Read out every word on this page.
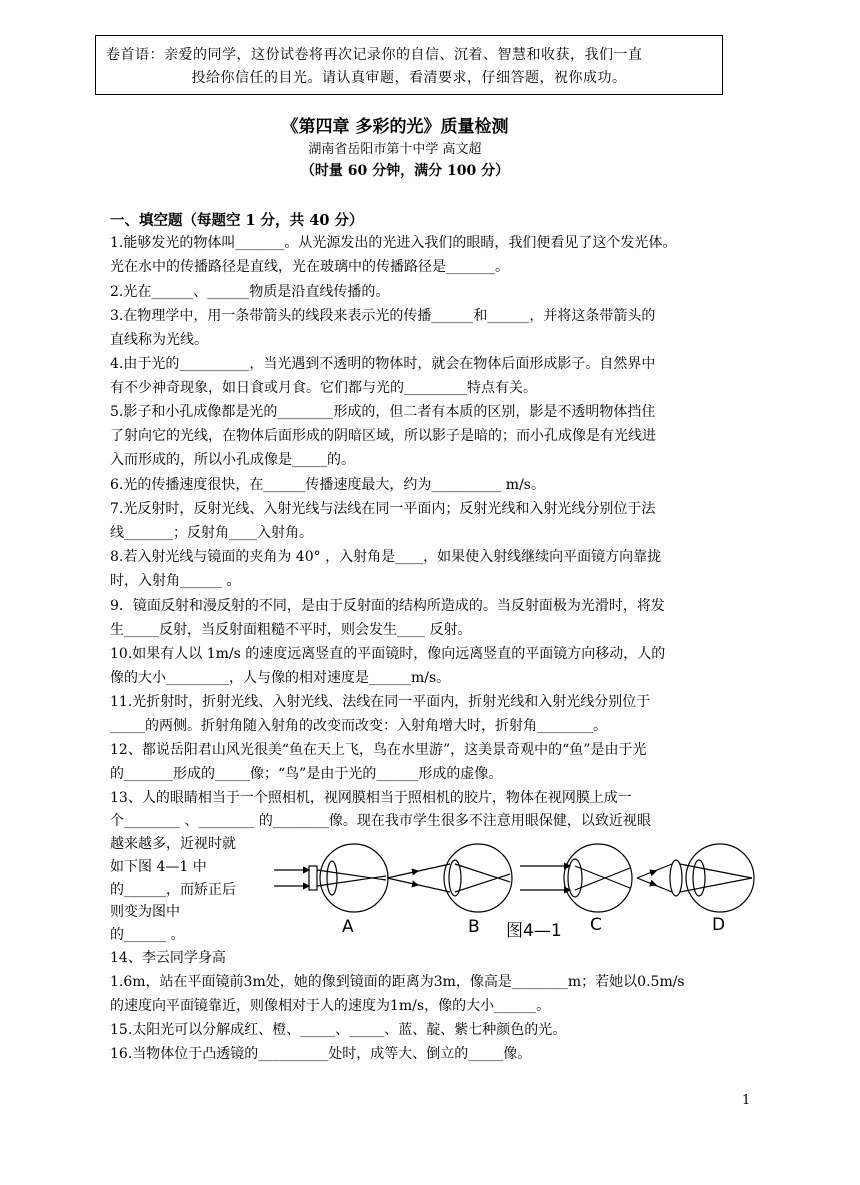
卷首语：亲爱的同学，这份试卷将再次记录你的自信、沉着、智慧和收获，我们一直

投给你信任的目光。请认真审题，看清要求，仔细答题，祝你成功。

《第四章 多彩的光》质量检测
湖南省岳阳市第十中学 高文超
（时量 60 分钟，满分 100 分）
一、填空题（每题空 1 分，共 40 分）

1.能够发光的物体叫_______。从光源发出的光进入我们的眼睛，我们便看见了这个发光体。

光在水中的传播路径是直线，光在玻璃中的传播路径是_______。

2.光在______、______物质是沿直线传播的。

3.在物理学中，用一条带箭头的线段来表示光的传播______和______，并将这条带箭头的

直线称为光线。

4.由于光的__________，当光遇到不透明的物体时，就会在物体后面形成影子。自然界中

有不少神奇现象，如日食或月食。它们都与光的_________特点有关。

5.影子和小孔成像都是光的________形成的，但二者有本质的区别，影是不透明物体挡住

了射向它的光线，在物体后面形成的阴暗区域，所以影子是暗的；而小孔成像是有光线进

入而形成的，所以小孔成像是_____的。

6.光的传播速度很快，在______传播速度最大，约为__________ m/s。

7.光反射时，反射光线、入射光线与法线在同一平面内；反射光线和入射光线分别位于法

线_______；反射角____入射角。

8.若入射光线与镜面的夹角为 40° ，入射角是____，如果使入射线继续向平面镜方向靠拢

时，入射角______ 。

9．镜面反射和漫反射的不同，是由于反射面的结构所造成的。当反射面极为光滑时，将发

生_____反射，当反射面粗糙不平时，则会发生____ 反射。

10.如果有人以 1m/s 的速度远离竖直的平面镜时，像向远离竖直的平面镜方向移动，人的

像的大小_________，人与像的相对速度是______m/s。

11.光折射时，折射光线、入射光线、法线在同一平面内，折射光线和入射光线分别位于

_____的两侧。折射角随入射角的改变而改变：入射角增大时，折射角________。

12、都说岳阳君山风光很美“鱼在天上飞，鸟在水里游”，这美景奇观中的“鱼”是由于光

的_______形成的_____像；“鸟”是由于光的______形成的虚像。

13、人的眼睛相当于一个照相机，视网膜相当于照相机的胶片，物体在视网膜上成一

个________ 、________ 的________像。现在我市学生很多不注意用眼保健，以致近视眼

越来越多，近视时就

如下图 4—1 中

的______，而矫正后

则变为图中

的______ 。

14、李云同学身高

1.6m，站在平面镜前3m处，她的像到镜面的距离为3m，像高是________m；若她以0.5m/s

的速度向平面镜靠近，则像相对于人的速度为1m/s，像的大小______。

15.太阳光可以分解成红、橙、_____、_____、蓝、靛、紫七种颜色的光。

16.当物体位于凸透镜的__________处时，成等大、倒立的_____像。

A	B 图4—1 C	D
1
